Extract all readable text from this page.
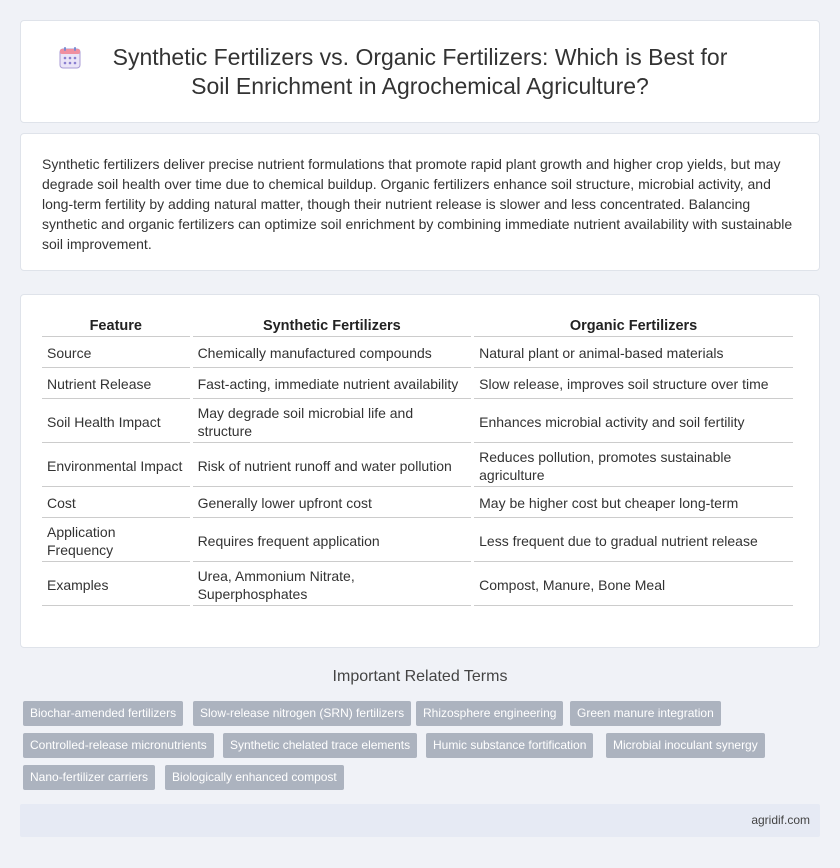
Synthetic Fertilizers vs. Organic Fertilizers: Which is Best for Soil Enrichment in Agrochemical Agriculture?

Synthetic fertilizers deliver precise nutrient formulations that promote rapid plant growth and higher crop yields, but may degrade soil health over time due to chemical buildup. Organic fertilizers enhance soil structure, microbial activity, and long-term fertility by adding natural matter, though their nutrient release is slower and less concentrated. Balancing synthetic and organic fertilizers can optimize soil enrichment by combining immediate nutrient availability with sustainable soil improvement.

Feature	Synthetic Fertilizers	Organic Fertilizers
Source	Chemically manufactured compounds	Natural plant or animal-based materials
Nutrient Release	Fast-acting, immediate nutrient availability	Slow release, improves soil structure over time
Soil Health Impact	May degrade soil microbial life and structure	Enhances microbial activity and soil fertility
Environmental Impact	Risk of nutrient runoff and water pollution	Reduces pollution, promotes sustainable agriculture
Cost	Generally lower upfront cost	May be higher cost but cheaper long-term
Application Frequency	Requires frequent application	Less frequent due to gradual nutrient release
Examples	Urea, Ammonium Nitrate, Superphosphates	Compost, Manure, Bone Meal
Important Related Terms
Biochar-amended fertilizers	Slow-release nitrogen (SRN) fertilizers	Rhizosphere engineering	Green manure integration
Controlled-release micronutrients	Synthetic chelated trace elements	Humic substance fortification	Microbial inoculant synergy
Nano-fertilizer carriers	Biologically enhanced compost
agridif.com
